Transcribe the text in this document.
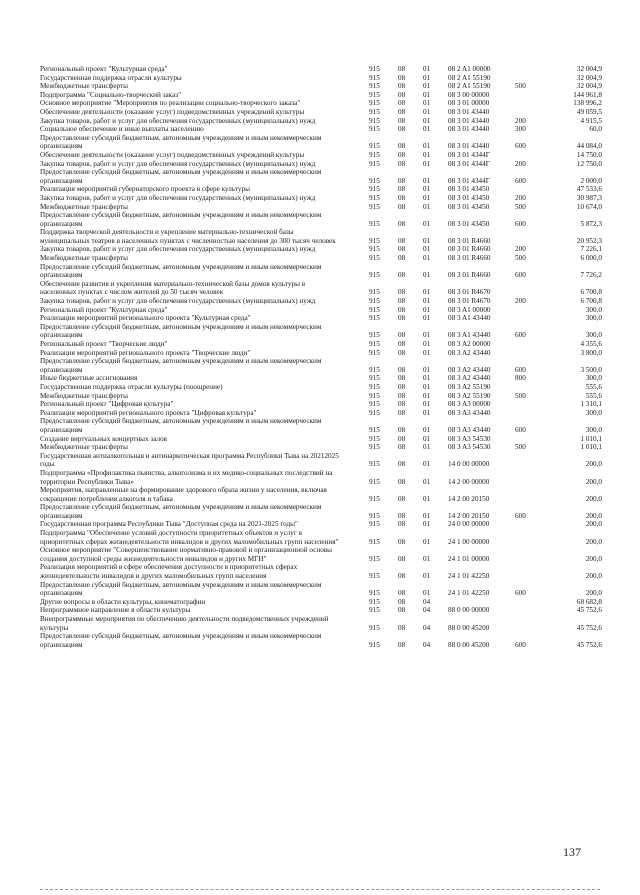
Региональный проект "Культурная среда"	915	08 01 08 2 A1 00000	32 004,9
Государственная поддержка отрасли культуры	915	08 01 08 2 A1 55190	32 004,9
Межбюджетные трансферты	915	08 01 08 2 A1 55190	500	32 004,9
Подпрограмма "Социально-творческий заказ"	915	08 01 08 3 00 00000	144 961,8
Основное мероприятие "Мероприятия по реализации социально-творческого заказа"	915	08 01 08 3 01 00000	138 996,2
Обеспечение деятельности (оказание услуг) подведомственных учреждений культуры	915	08 01 08 3 01 43440	49 059,5
Закупка товаров, работ и услуг для обеспечения государственных (муниципальных) нужд	915	08 01 08 3 01 43440	200	4 915,5
Социальное обеспечение и иные выплаты населению	915	08 01 08 3 01 43440	300	60,0
Предоставление субсидий бюджетным, автономным учреждениям и иным некоммерческим организациям	915	08 01 08 3 01 43440	600	44 084,0
Обеспечение деятельности (оказание услуг) подведомственных учреждений культуры	915	08 01 08 3 01 4344Г	14 750,0
Закупка товаров, работ и услуг для обеспечения государственных (муниципальных) нужд	915	08 01 08 3 01 4344Г	200	12 750,0
Предоставление субсидий бюджетным, автономным учреждениям и иным некоммерческим организациям	915	08 01 08 3 01 4344Г	600	2 000,0
Реализация мероприятий губернаторского проекта в сфере культуры	915	08 01 08 3 01 43450	47 533,6
Закупка товаров, работ и услуг для обеспечения государственных (муниципальных) нужд	915	08 01 08 3 01 43450	200	30 987,3
Межбюджетные трансферты	915	08 01 08 3 01 43450	500	10 674,0
Предоставление субсидий бюджетным, автономным учреждениям и иным некоммерческим организациям	915	08 01 08 3 01 43450	600	5 872,3
Поддержка творческой деятельности и укрепление материально-технической базы муниципальных театров в населенных пунктах с численностью населения до 300 тысяч человек	915	08 01 08 3 01 R4660	20 952,3
Закупка товаров, работ и услуг для обеспечения государственных (муниципальных) нужд	915	08 01 08 3 01 R4660	200	7 226,1
Межбюджетные трансферты	915	08 01 08 3 01 R4660	500	6 000,0
Предоставление субсидий бюджетным, автономным учреждениям и иным некоммерческим организациям	915	08 01 08 3 01 R4660	600	7 726,2
Обеспечение развития и укрепления материально-технической базы домов культуры в населенных пунктах с числом жителей до 50 тысяч человек	915	08 01 08 3 01 R4670	6 700,8
Закупка товаров, работ и услуг для обеспечения государственных (муниципальных) нужд	915	08 01 08 3 01 R4670	200	6 700,8
Региональный проект "Культурная среда"	915	08 01 08 3 A1 00000	300,0
Реализация мероприятий регионального проекта "Культурная среда"	915	08 01 08 3 A1 43440	300,0
Предоставление субсидий бюджетным, автономным учреждениям и иным некоммерческим организациям	915	08 01 08 3 A1 43440	600	300,0
Региональный проект "Творческие люди"	915	08 01 08 3 A2 00000	4 355,6
Реализация мероприятий регионального проекта "Творческие люди"	915	08 01 08 3 A2 43440	3 800,0
Предоставление субсидий бюджетным, автономным учреждениям и иным некоммерческим организациям	915	08 01 08 3 A2 43440	600	3 500,0
Иные бюджетные ассигнования	915	08 01 08 3 A2 43440	800	300,0
Государственная поддержка отрасли культуры (поощрение)	915	08 01 08 3 A2 55190	555,6
Межбюджетные трансферты	915	08 01 08 3 A2 55190	500	555,6
Региональный проект "Цифровая культура"	915	08 01 08 3 A3 00000	1 310,1
Реализация мероприятий регионального проекта "Цифровая культура"	915	08 01 08 3 A3 43440	300,0
Предоставление субсидий бюджетным, автономным учреждениям и иным некоммерческим организациям	915	08 01 08 3 A3 43440	600	300,0
Создание виртуальных концертных залов	915	08 01 08 3 A3 54530	1 010,1
Межбюджетные трансферты	915	08 01 08 3 A3 54530	500	1 010,1
Государственная антиалкогольная и антинаркотическая программа Республики Тыва на 20212025 годы	915	08 01 14 0 00 00000	200,0
Подпрограмма «Профилактика пьянства, алкоголизма и их медико-социальных последствий на территории Республики Тыва»	915	08 01 14 2 00 00000	200,0
Мероприятия, направленные на формирование здорового образа жизни у населения, включая сокращение потребления алкоголя и табака	915	08 01 14 2 00 20150	200,0
Предоставление субсидий бюджетным, автономным учреждениям и иным некоммерческим организациям	915	08 01 14 2 00 20150	600	200,0
Государственная программа Республики Тыва "Доступная среда на 2021-2025 годы"	915	08 01 24 0 00 00000	200,0
Подпрограмма "Обеспечение условий доступности приоритетных объектов и услуг в приоритетных сферах жизнедеятельности инвалидов и других маломобильных групп населения"	915	08 01 24 1 00 00000	200,0
Основное мероприятие "Совершенствование нормативно-правовой и организационной основы создания доступной среды жизнедеятельности инвалидов и других МГН"	915	08 01 24 1 01 00000	200,0
Реализация мероприятий в сфере обеспечения доступности в приоритетных сферах жизнедеятельности инвалидов и других маломобильных групп населения	915	08 01 24 1 01 42250	200,0
Предоставление субсидий бюджетным, автономным учреждениям и иным некоммерческим организациям	915	08 01 24 1 01 42250	600	200,0
Другие вопросы в области культуры, кинематографии	915	08 04	68 682,8
Непрограммное направление в области культуры	915	08 04 88 0 00 00000	45 752,6
Внепрограммные мероприятия по обеспечению деятельности подведомственных учреждений культуры	915	08 04 88 0 00 45200	45 752,6
Предоставление субсидий бюджетным, автономным учреждениям и иным некоммерческим организациям	915	08 04 88 0 00 45200	600	45 752,6
137
